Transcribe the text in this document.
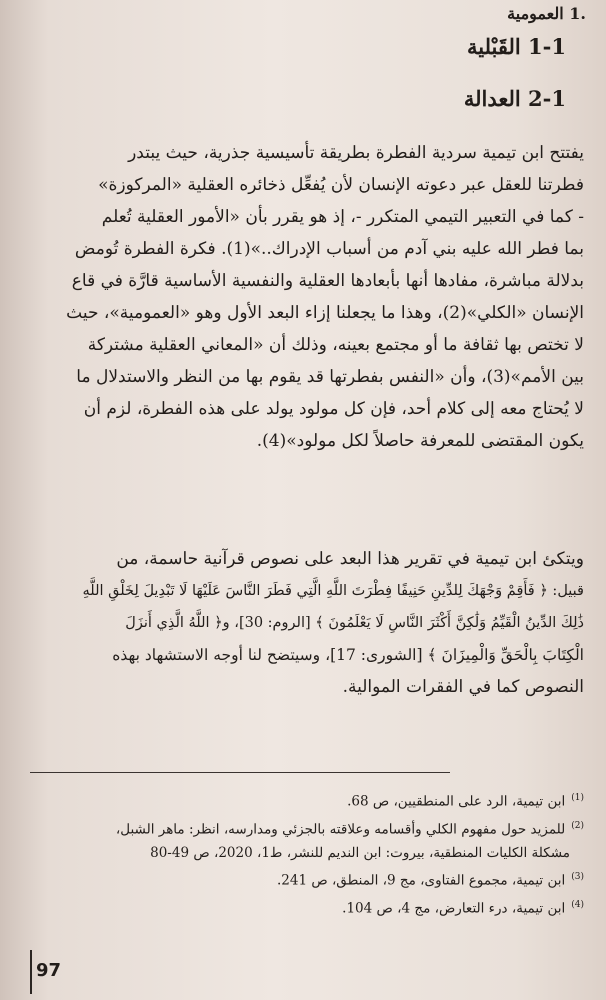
.1 العمومية
1-1 القَبْلية
2-1 العدالة

يفتتح ابن تيمية سردية الفطرة بطريقة تأسيسية جذرية، حيث يبتدر
فطرتنا للعقل عبر دعوته الإنسان لأن يُفعِّل ذخائره العقلية «المركوزة»
- كما في التعبير التيمي المتكرر -، إذ هو يقرر بأن «الأمور العقلية تُعلم
بما فطر الله عليه بني آدم من أسباب الإدراك..»(1). فكرة الفطرة تُومض
بدلالة مباشرة، مفادها أنها بأبعادها العقلية والنفسية الأساسية قارَّة في قاع
الإنسان «الكلي»(2)، وهذا ما يجعلنا إزاء البعد الأول وهو «العمومية»، حيث
لا تختص بها ثقافة ما أو مجتمع بعينه، وذلك أن «المعاني العقلية مشتركة
بين الأمم»(3)، وأن «النفس بفطرتها قد يقوم بها من النظر والاستدلال ما
لا يُحتاج معه إلى كلام أحد، فإن كل مولود يولد على هذه الفطرة، لزم أن
يكون المقتضى للمعرفة حاصلاً لكل مولود»(4).

ويتكئ ابن تيمية في تقرير هذا البعد على نصوص قرآنية حاسمة، من
قبيل: ﴿ فَأَقِمْ وَجْهَكَ لِلدِّينِ حَنِيفًا فِطْرَتَ اللَّهِ الَّتِي فَطَرَ النَّاسَ عَلَيْهَا لَا تَبْدِيلَ لِخَلْقِ اللَّهِ
ذَٰلِكَ الدِّينُ الْقَيِّمُ وَلَٰكِنَّ أَكْثَرَ النَّاسِ لَا يَعْلَمُونَ ﴾ [الروم: 30]، و﴿ اللَّهُ الَّذِي أَنزَلَ
الْكِتَابَ بِالْحَقِّ وَالْمِيزَانَ ﴾ [الشورى: 17]، وسيتضح لنا أوجه الاستشهاد بهذه
النصوص كما في الفقرات الموالية.

$^{(1)}$ابن تيمية، الرد على المنطقيين، ص 68.
$^{(2)}$للمزيد حول مفهوم الكلي وأقسامه وعلاقته بالجزئي ومدارسه، انظر: ماهر الشبل،
مشكلة الكليات المنطقية، بيروت: ابن النديم للنشر، ط1، 2020، ص 49-80
$^{(3)}$ابن تيمية، مجموع الفتاوى، مج 9، المنطق، ص 241.
$^{(4)}$ابن تيمية، درء التعارض، مج 4، ص 104.
97
